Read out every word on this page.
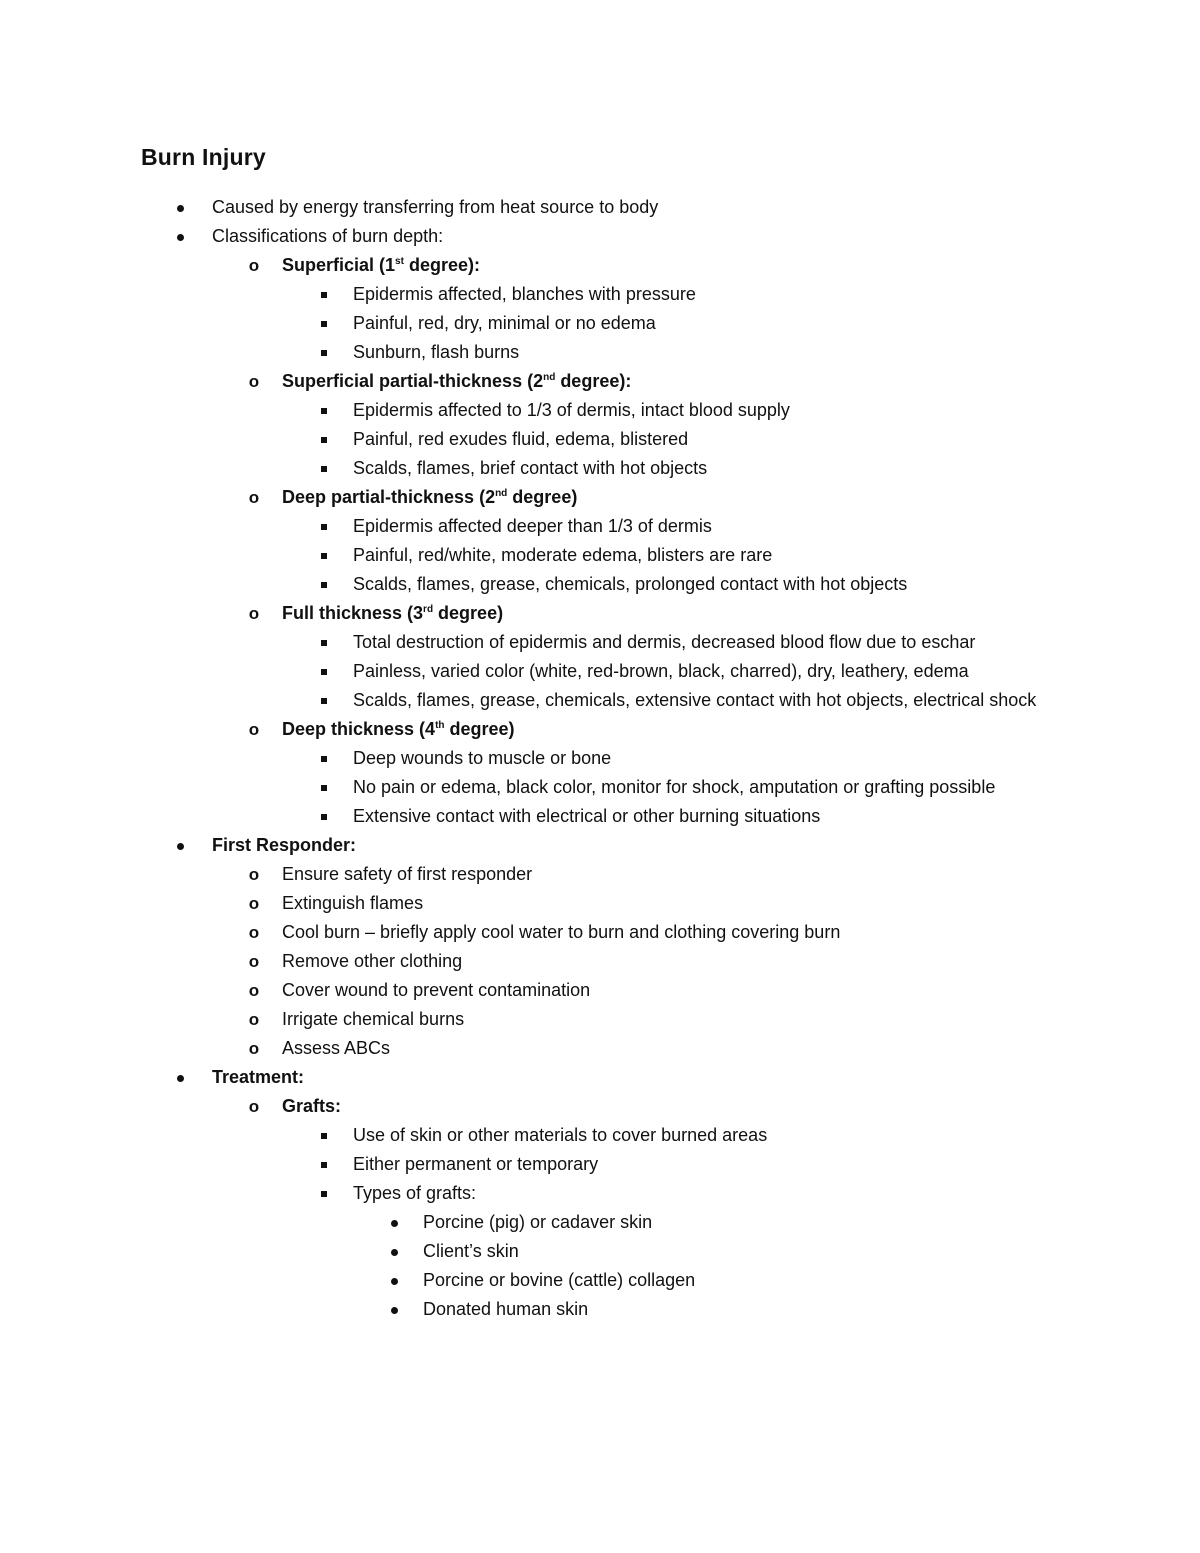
Burn Injury
Caused by energy transferring from heat source to body
Classifications of burn depth:
o Superficial (1st degree):
Epidermis affected, blanches with pressure
Painful, red, dry, minimal or no edema
Sunburn, flash burns
o Superficial partial-thickness (2nd degree):
Epidermis affected to 1/3 of dermis, intact blood supply
Painful, red exudes fluid, edema, blistered
Scalds, flames, brief contact with hot objects
o Deep partial-thickness (2nd degree)
Epidermis affected deeper than 1/3 of dermis
Painful, red/white, moderate edema, blisters are rare
Scalds, flames, grease, chemicals, prolonged contact with hot objects
o Full thickness (3rd degree)
Total destruction of epidermis and dermis, decreased blood flow due to eschar
Painless, varied color (white, red-brown, black, charred), dry, leathery, edema
Scalds, flames, grease, chemicals, extensive contact with hot objects, electrical shock
o Deep thickness (4th degree)
Deep wounds to muscle or bone
No pain or edema, black color, monitor for shock, amputation or grafting possible
Extensive contact with electrical or other burning situations
First Responder:
o Ensure safety of first responder
o Extinguish flames
o Cool burn – briefly apply cool water to burn and clothing covering burn
o Remove other clothing
o Cover wound to prevent contamination
o Irrigate chemical burns
o Assess ABCs
Treatment:
o Grafts:
Use of skin or other materials to cover burned areas
Either permanent or temporary
Types of grafts:
Porcine (pig) or cadaver skin
Client’s skin
Porcine or bovine (cattle) collagen
Donated human skin
